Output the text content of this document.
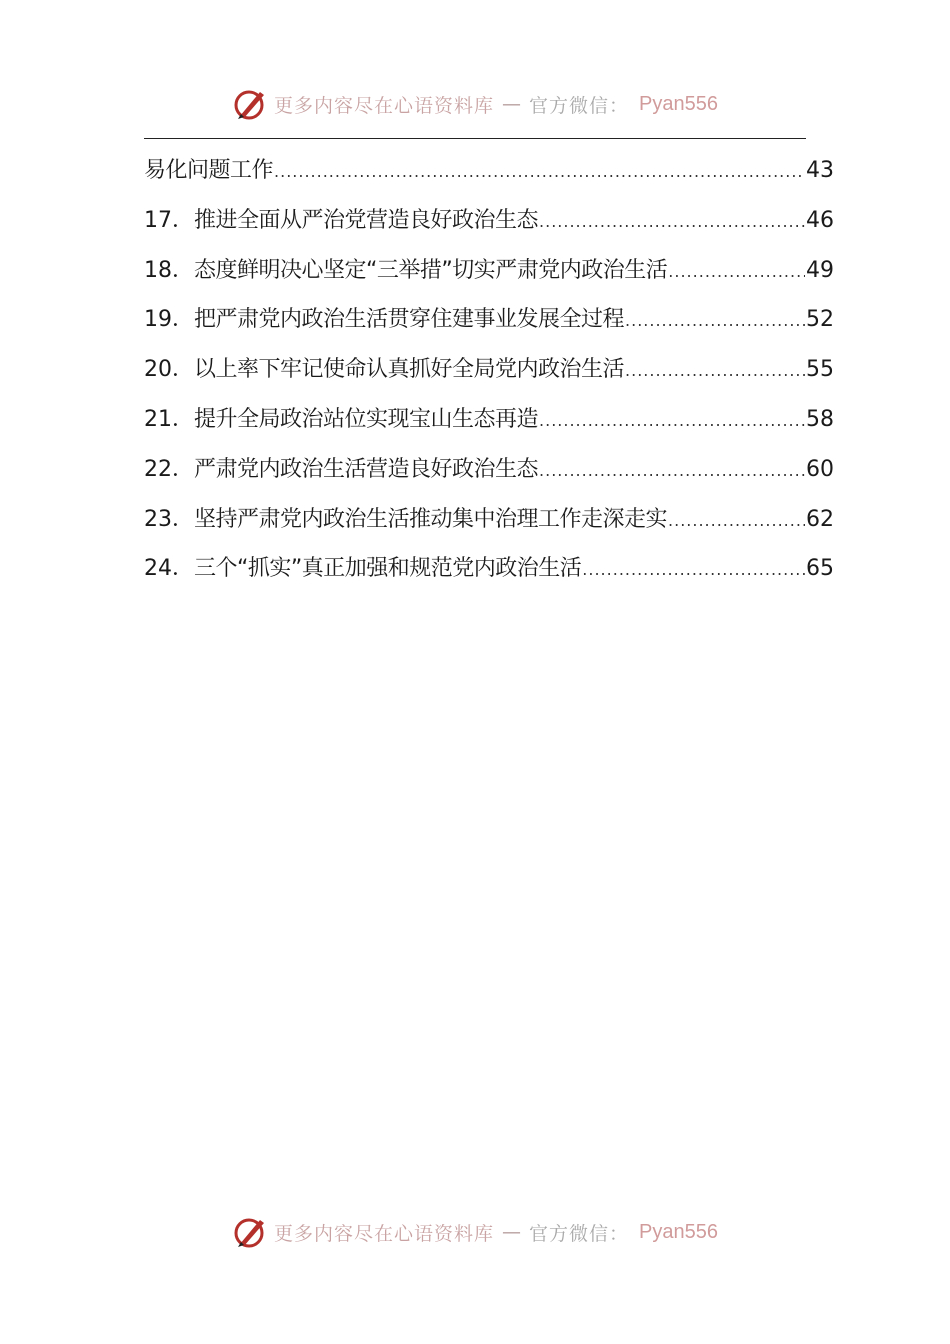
更多内容尽在心语资料库 — 官方微信： Pyan556
易化问题工作 .....	43
17． 推进全面从严治党营造良好政治生态 .....	46
18． 态度鲜明决心坚定“三举措”切实严肃党内政治生活 .....	49
19． 把严肃党内政治生活贯穿住建事业发展全过程 .....	52
20． 以上率下牢记使命认真抓好全局党内政治生活 .....	55
21． 提升全局政治站位实现宝山生态再造 .....	58
22． 严肃党内政治生活营造良好政治生态 .....	60
23． 坚持严肃党内政治生活推动集中治理工作走深走实 .....	62
24． 三个“抓实”真正加强和规范党内政治生活 .....	65
更多内容尽在心语资料库 — 官方微信： Pyan556
